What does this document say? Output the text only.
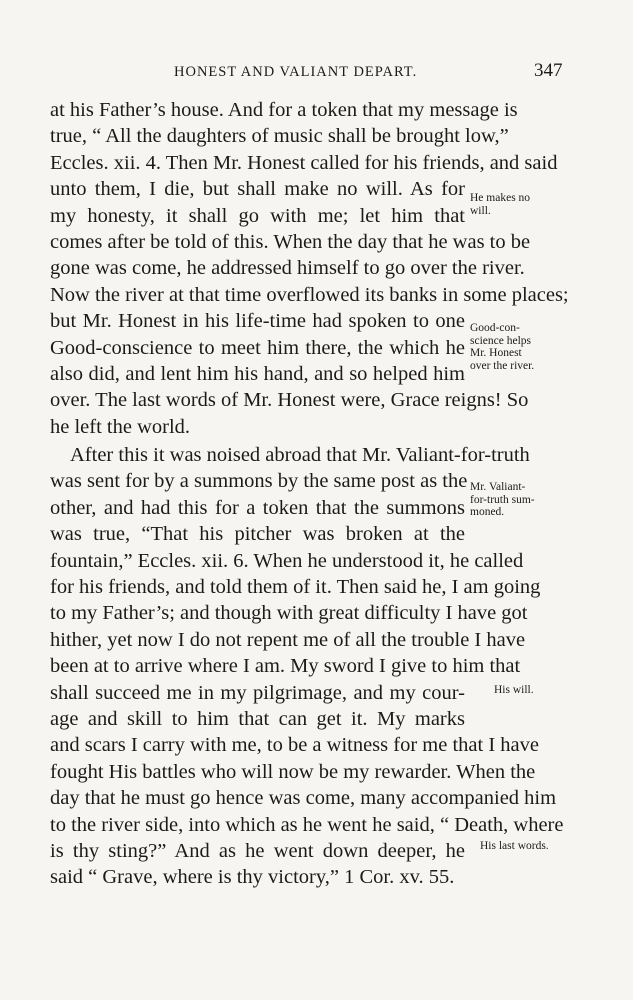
HONEST AND VALIANT DEPART.	347
at his Father’s house. And for a token that my message is
true, “ All the daughters of music shall be brought low,”
Eccles. xii. 4. Then Mr. Honest called for his friends, and said
unto them, I die, but shall make no will. As for
my honesty, it shall go with me; let him that
comes after be told of this. When the day that he was to be
gone was come, he addressed himself to go over the river.
Now the river at that time overflowed its banks in some places;
but Mr. Honest in his life-time had spoken to one
Good-conscience to meet him there, the which he
also did, and lent him his hand, and so helped him
over. The last words of Mr. Honest were, Grace reigns! So
he left the world.
After this it was noised abroad that Mr. Valiant-for-truth
was sent for by a summons by the same post as the
other, and had this for a token that the summons
was true, “That his pitcher was broken at the
fountain,” Eccles. xii. 6. When he understood it, he called
for his friends, and told them of it. Then said he, I am going
to my Father’s; and though with great difficulty I have got
hither, yet now I do not repent me of all the trouble I have
been at to arrive where I am. My sword I give to him that
shall succeed me in my pilgrimage, and my cour-
age and skill to him that can get it. My marks
and scars I carry with me, to be a witness for me that I have
fought His battles who will now be my rewarder. When the
day that he must go hence was come, many accompanied him
to the river side, into which as he went he said, “ Death, where
is thy sting?” And as he went down deeper, he
said “ Grave, where is thy victory,” 1 Cor. xv. 55.
He makes no
will.
Good-con-
science helps
Mr. Honest
over the river.
Mr. Valiant-
for-truth sum-
moned.
His will.
His last words.
